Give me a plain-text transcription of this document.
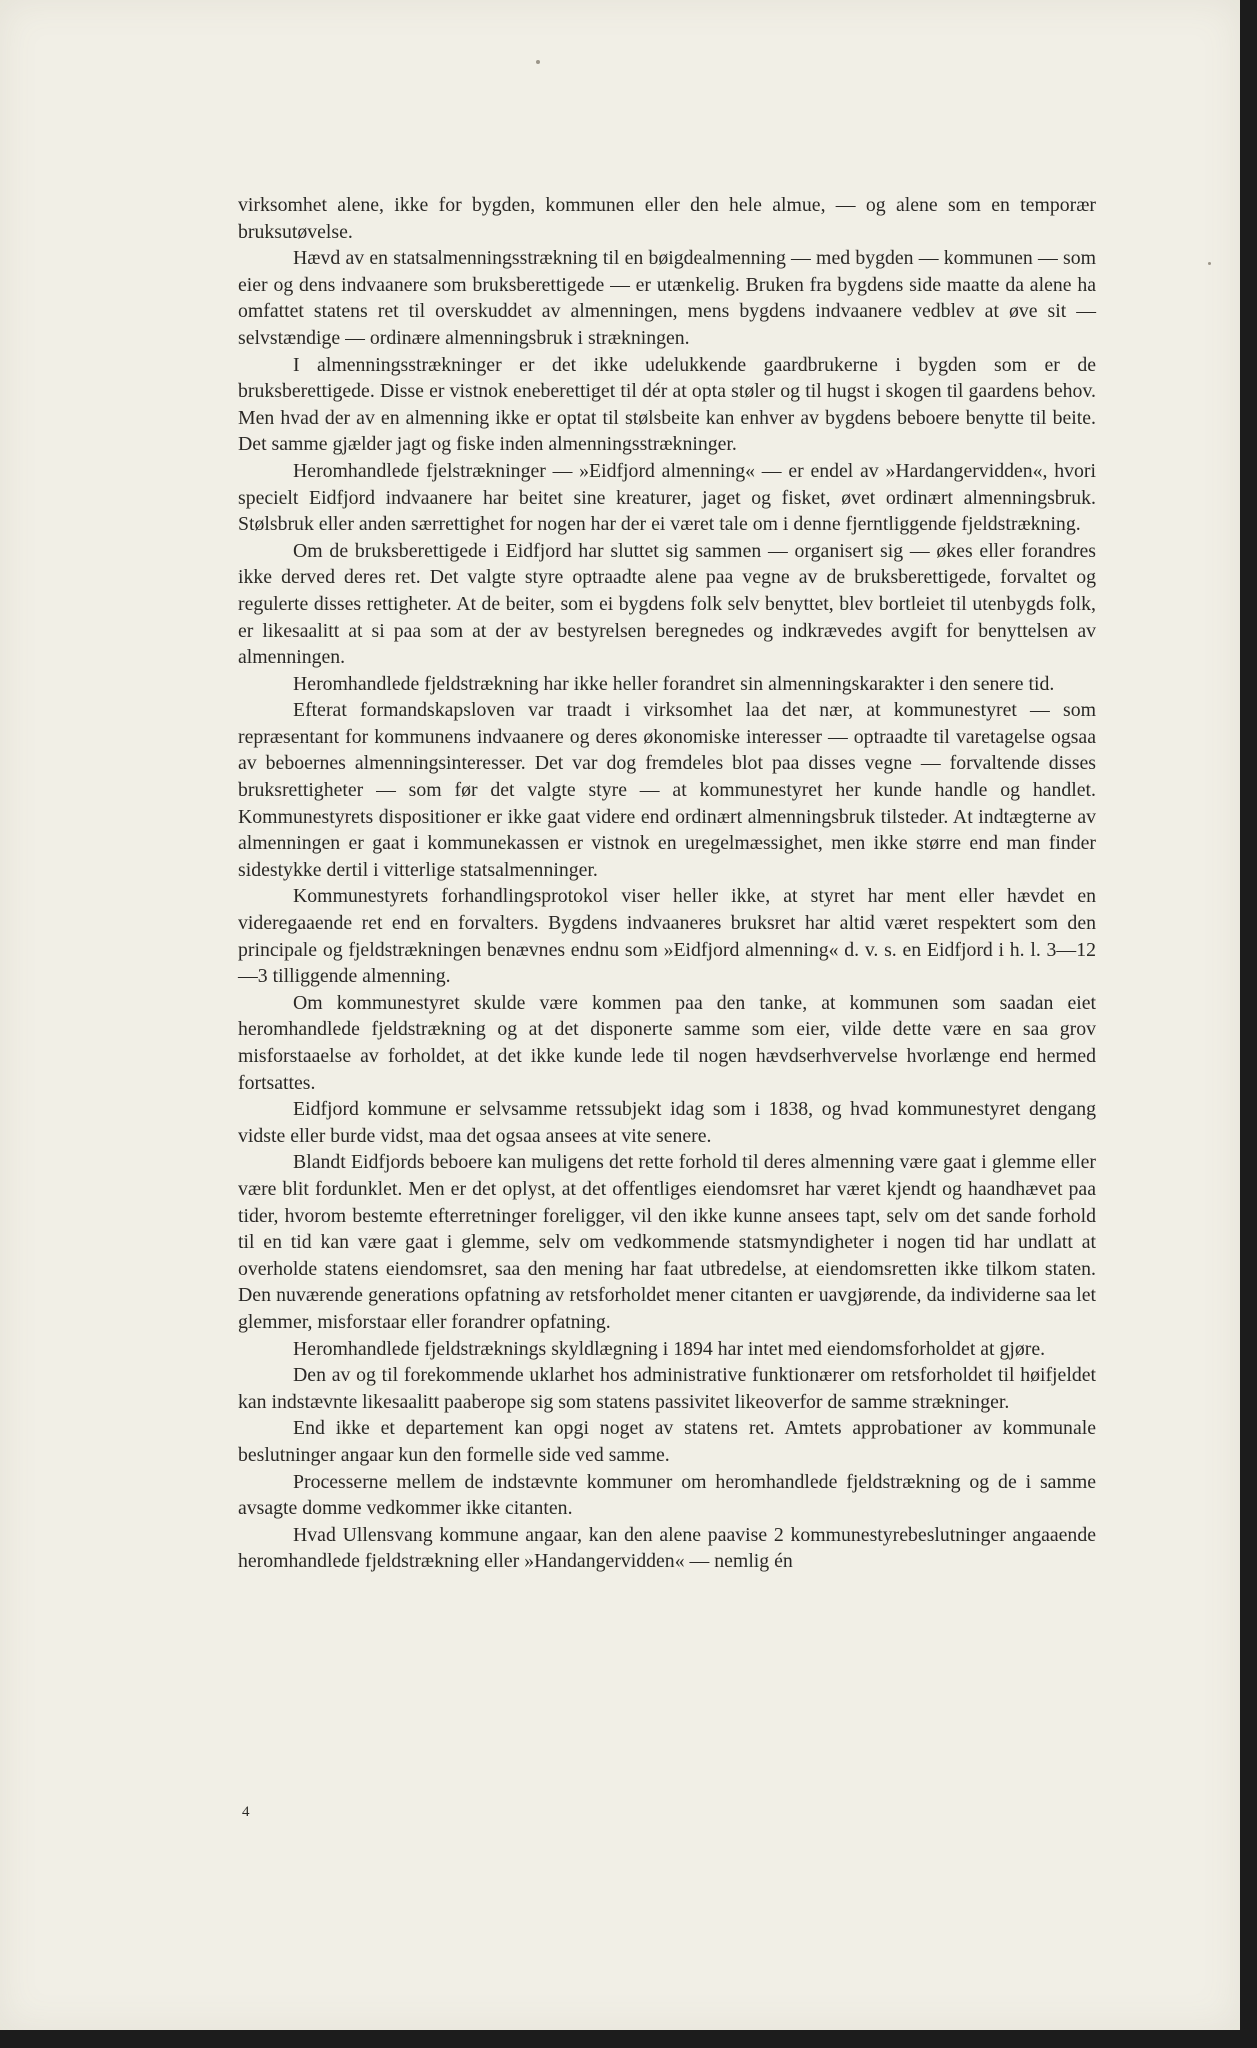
virksomhet alene, ikke for bygden, kommunen eller den hele almue, — og alene som en temporær bruksutøvelse.

Hævd av en statsalmenningsstrækning til en bøigdealmenning — med bygden — kommunen — som eier og dens indvaanere som bruksberettigede — er utænkelig. Bruken fra bygdens side maatte da alene ha omfattet statens ret til overskuddet av almenningen, mens bygdens indvaanere vedblev at øve sit — selvstændige — ordinære almenningsbruk i strækningen.

I almenningsstrækninger er det ikke udelukkende gaardbrukerne i bygden som er de bruksberettigede. Disse er vistnok eneberettiget til dér at opta støler og til hugst i skogen til gaardens behov. Men hvad der av en almenning ikke er optat til stølsbeite kan enhver av bygdens beboere benytte til beite. Det samme gjælder jagt og fiske inden almenningsstrækninger.

Heromhandlede fjelstrækninger — »Eidfjord almenning« — er endel av »Hardangervidden«, hvori specielt Eidfjord indvaanere har beitet sine kreaturer, jaget og fisket, øvet ordinært almenningsbruk. Stølsbruk eller anden særrettighet for nogen har der ei været tale om i denne fjerntliggende fjeldstrækning.

Om de bruksberettigede i Eidfjord har sluttet sig sammen — organisert sig — økes eller forandres ikke derved deres ret. Det valgte styre optraadte alene paa vegne av de bruksberettigede, forvaltet og regulerte disses rettigheter. At de beiter, som ei bygdens folk selv benyttet, blev bortleiet til utenbygds folk, er likesaalitt at si paa som at der av bestyrelsen beregnedes og indkrævedes avgift for benyttelsen av almenningen.

Heromhandlede fjeldstrækning har ikke heller forandret sin almenningskarakter i den senere tid.

Efterat formandskapsloven var traadt i virksomhet laa det nær, at kommunestyret — som repræsentant for kommunens indvaanere og deres økonomiske interesser — optraadte til varetagelse ogsaa av beboernes almenningsinteresser. Det var dog fremdeles blot paa disses vegne — forvaltende disses bruksrettigheter — som før det valgte styre — at kommunestyret her kunde handle og handlet. Kommunestyrets dispositioner er ikke gaat videre end ordinært almenningsbruk tilsteder. At indtægterne av almenningen er gaat i kommunekassen er vistnok en uregelmæssighet, men ikke større end man finder sidestykke dertil i vitterlige statsalmenninger.

Kommunestyrets forhandlingsprotokol viser heller ikke, at styret har ment eller hævdet en videregaaende ret end en forvalters. Bygdens indvaaneres bruksret har altid været respektert som den principale og fjeldstrækningen benævnes endnu som »Eidfjord almenning« d. v. s. en Eidfjord i h. l. 3—12—3 tilliggende almenning.

Om kommunestyret skulde være kommen paa den tanke, at kommunen som saadan eiet heromhandlede fjeldstrækning og at det disponerte samme som eier, vilde dette være en saa grov misforstaaelse av forholdet, at det ikke kunde lede til nogen hævdserhvervelse hvorlænge end hermed fortsattes.

Eidfjord kommune er selvsamme retssubjekt idag som i 1838, og hvad kommunestyret dengang vidste eller burde vidst, maa det ogsaa ansees at vite senere.

Blandt Eidfjords beboere kan muligens det rette forhold til deres almenning være gaat i glemme eller være blit fordunklet. Men er det oplyst, at det offentliges eiendomsret har været kjendt og haandhævet paa tider, hvorom bestemte efterretninger foreligger, vil den ikke kunne ansees tapt, selv om det sande forhold til en tid kan være gaat i glemme, selv om vedkommende statsmyndigheter i nogen tid har undlatt at overholde statens eiendomsret, saa den mening har faat utbredelse, at eiendomsretten ikke tilkom staten. Den nuværende generations opfatning av retsforholdet mener citanten er uavgjørende, da individerne saa let glemmer, misforstaar eller forandrer opfatning.

Heromhandlede fjeldstræknings skyldlægning i 1894 har intet med eiendomsforholdet at gjøre.

Den av og til forekommende uklarhet hos administrative funktionærer om retsforholdet til høifjeldet kan indstævnte likesaalitt paaberope sig som statens passivitet likeoverfor de samme strækninger.

End ikke et departement kan opgi noget av statens ret. Amtets approbationer av kommunale beslutninger angaar kun den formelle side ved samme.

Processerne mellem de indstævnte kommuner om heromhandlede fjeldstrækning og de i samme avsagte domme vedkommer ikke citanten.

Hvad Ullensvang kommune angaar, kan den alene paavise 2 kommunestyrebeslutninger angaaende heromhandlede fjeldstrækning eller »Handangervidden« — nemlig én

4
